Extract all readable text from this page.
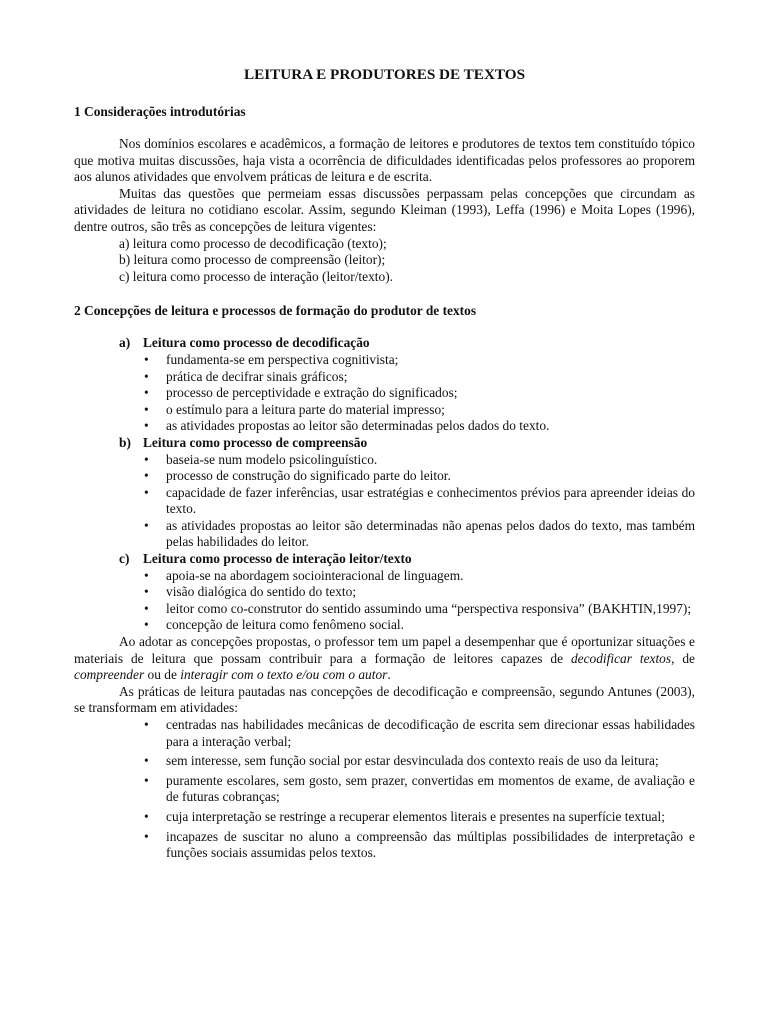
LEITURA E PRODUTORES DE TEXTOS
1 Considerações introdutórias

Nos domínios escolares e acadêmicos, a formação de leitores e produtores de textos tem constituído tópico que motiva muitas discussões, haja vista a ocorrência de dificuldades identificadas pelos professores ao proporem aos alunos atividades que envolvem práticas de leitura e de escrita.

Muitas das questões que permeiam essas discussões perpassam pelas concepções que circundam as atividades de leitura no cotidiano escolar. Assim, segundo Kleiman (1993), Leffa (1996) e Moita Lopes (1996), dentre outros, são três as concepções de leitura vigentes:

a) leitura como processo de decodificação (texto);

b) leitura como processo de compreensão (leitor);

c) leitura como processo de interação (leitor/texto).

2 Concepções de leitura e processos de formação do produtor de textos

a) Leitura como processo de decodificação

• fundamenta-se em perspectiva cognitivista;
• prática de decifrar sinais gráficos;
• processo de perceptividade e extração do significados;
• o estímulo para a leitura parte do material impresso;
• as atividades propostas ao leitor são determinadas pelos dados do texto.

b) Leitura como processo de compreensão

• baseia-se num modelo psicolinguístico.
• processo de construção do significado parte do leitor.
• capacidade de fazer inferências, usar estratégias e conhecimentos prévios para apreender ideias do texto.
• as atividades propostas ao leitor são determinadas não apenas pelos dados do texto, mas também pelas habilidades do leitor.

c) Leitura como processo de interação leitor/texto

• apoia-se na abordagem sociointeracional de linguagem.
• visão dialógica do sentido do texto;
• leitor como co-construtor do sentido assumindo uma “perspectiva responsiva” (BAKHTIN,1997);
• concepção de leitura como fenômeno social.

Ao adotar as concepções propostas, o professor tem um papel a desempenhar que é oportunizar situações e materiais de leitura que possam contribuir para a formação de leitores capazes de decodificar textos, de compreender ou de interagir com o texto e/ou com o autor.

As práticas de leitura pautadas nas concepções de decodificação e compreensão, segundo Antunes (2003), se transformam em atividades:

• centradas nas habilidades mecânicas de decodificação de escrita sem direcionar essas habilidades para a interação verbal;
• sem interesse, sem função social por estar desvinculada dos contexto reais de uso da leitura;
• puramente escolares, sem gosto, sem prazer, convertidas em momentos de exame, de avaliação e de futuras cobranças;
• cuja interpretação se restringe a recuperar elementos literais e presentes na superfície textual;
• incapazes de suscitar no aluno a compreensão das múltiplas possibilidades de interpretação e funções sociais assumidas pelos textos.
